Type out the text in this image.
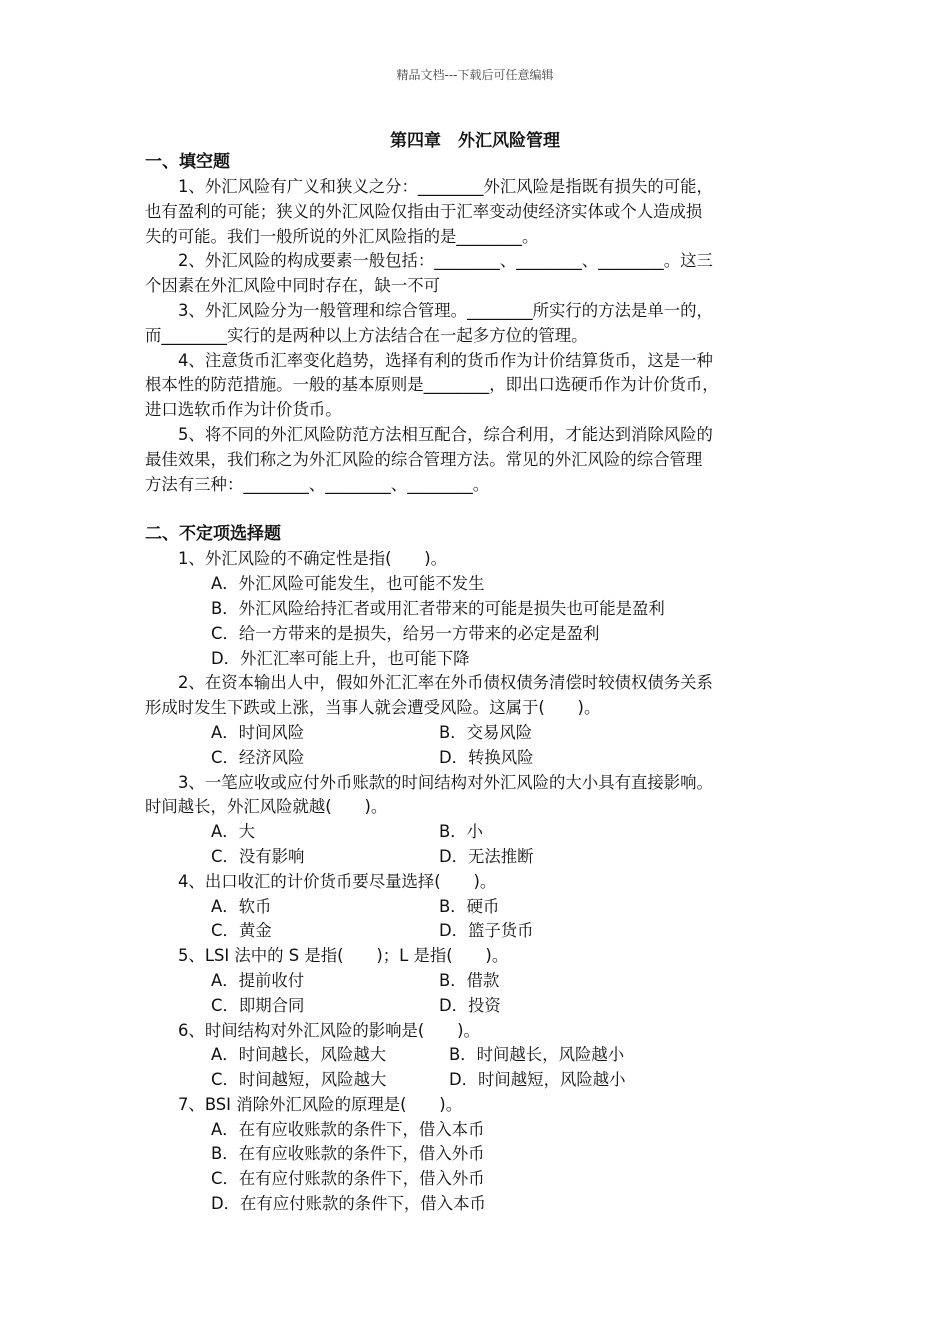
精品文档---下载后可任意编辑
第四章　外汇风险管理
一、填空题
1、外汇风险有广义和狭义之分：________外汇风险是指既有损失的可能，
也有盈利的可能；狭义的外汇风险仅指由于汇率变动使经济实体或个人造成损
失的可能。我们一般所说的外汇风险指的是________。
2、外汇风险的构成要素一般包括：________、________、________。这三
个因素在外汇风险中同时存在，缺一不可
3、外汇风险分为一般管理和综合管理。________所实行的方法是单一的，
而________实行的是两种以上方法结合在一起多方位的管理。
4、注意货币汇率变化趋势，选择有利的货币作为计价结算货币，这是一种
根本性的防范措施。一般的基本原则是________，即出口选硬币作为计价货币，
进口选软币作为计价货币。
5、将不同的外汇风险防范方法相互配合，综合利用，才能达到消除风险的
最佳效果，我们称之为外汇风险的综合管理方法。常见的外汇风险的综合管理
方法有三种：________、________、________。
二、不定项选择题
1、外汇风险的不确定性是指(　　)。
A．外汇风险可能发生，也可能不发生
B．外汇风险给持汇者或用汇者带来的可能是损失也可能是盈利
C．给一方带来的是损失，给另一方带来的必定是盈利
D．外汇汇率可能上升，也可能下降
2、在资本输出人中，假如外汇汇率在外币债权债务清偿时较债权债务关系
形成时发生下跌或上涨，当事人就会遭受风险。这属于(　　)。
A．时间风险	B．交易风险
C．经济风险	D．转换风险
3、一笔应收或应付外币账款的时间结构对外汇风险的大小具有直接影响。
时间越长，外汇风险就越(　　)。
A．大	B．小
C．没有影响	D．无法推断
4、出口收汇的计价货币要尽量选择(　　)。
A．软币	B．硬币
C．黄金	D．篮子货币
5、LSI 法中的 S 是指(　　)；L 是指(　　)。
A．提前收付	B．借款
C．即期合同	D．投资
6、时间结构对外汇风险的影响是(　　)。
A．时间越长，风险越大	B．时间越长，风险越小
C．时间越短，风险越大	D．时间越短，风险越小
7、BSI 消除外汇风险的原理是(　　)。
A．在有应收账款的条件下，借入本币
B．在有应收账款的条件下，借入外币
C．在有应付账款的条件下，借入外币
D．在有应付账款的条件下，借入本币
